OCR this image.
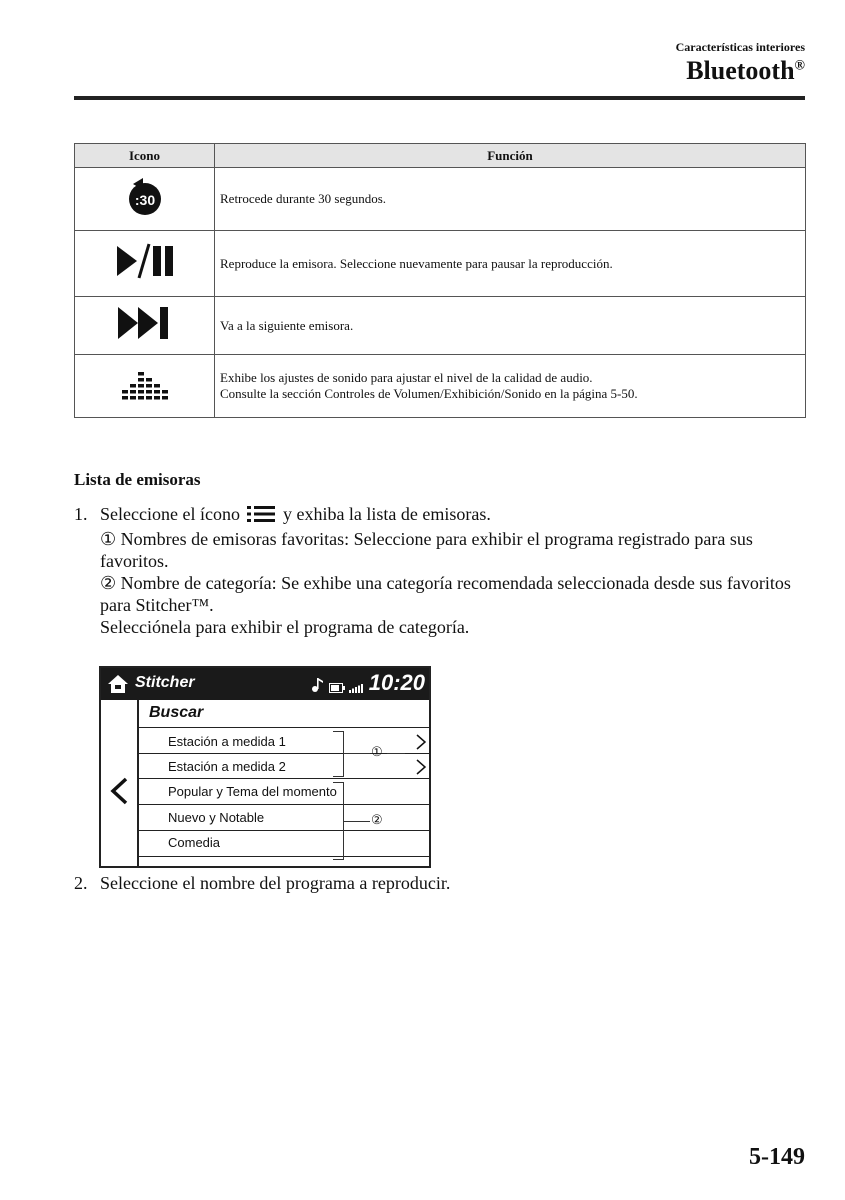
Características interiores
Bluetooth®
Icono	Función

:30	Retrocede durante 30 segundos.
	Reproduce la emisora. Seleccione nuevamente para pausar la reproducción.
	Va a la siguiente emisora.

Exhibe los ajustes de sonido para ajustar el nivel de la calidad de audio.
Consulte la sección Controles de Volumen/Exhibición/Sonido en la página 5-50.
Lista de emisoras
1. Seleccione el ícono y exhiba la lista de emisoras.
① Nombres de emisoras favoritas: Seleccione para exhibir el programa registrado para sus favoritos.
② Nombre de categoría: Se exhibe una categoría recomendada seleccionada desde sus favoritos para Stitcher™.
Selecciónela para exhibir el programa de categoría.
Stitcher	10:20
Buscar
Estación a medida 1
Estación a medida 2
Popular y Tema del momento
Nuevo y Notable
Comedia
①
②
2. Seleccione el nombre del programa a reproducir.
5-149
